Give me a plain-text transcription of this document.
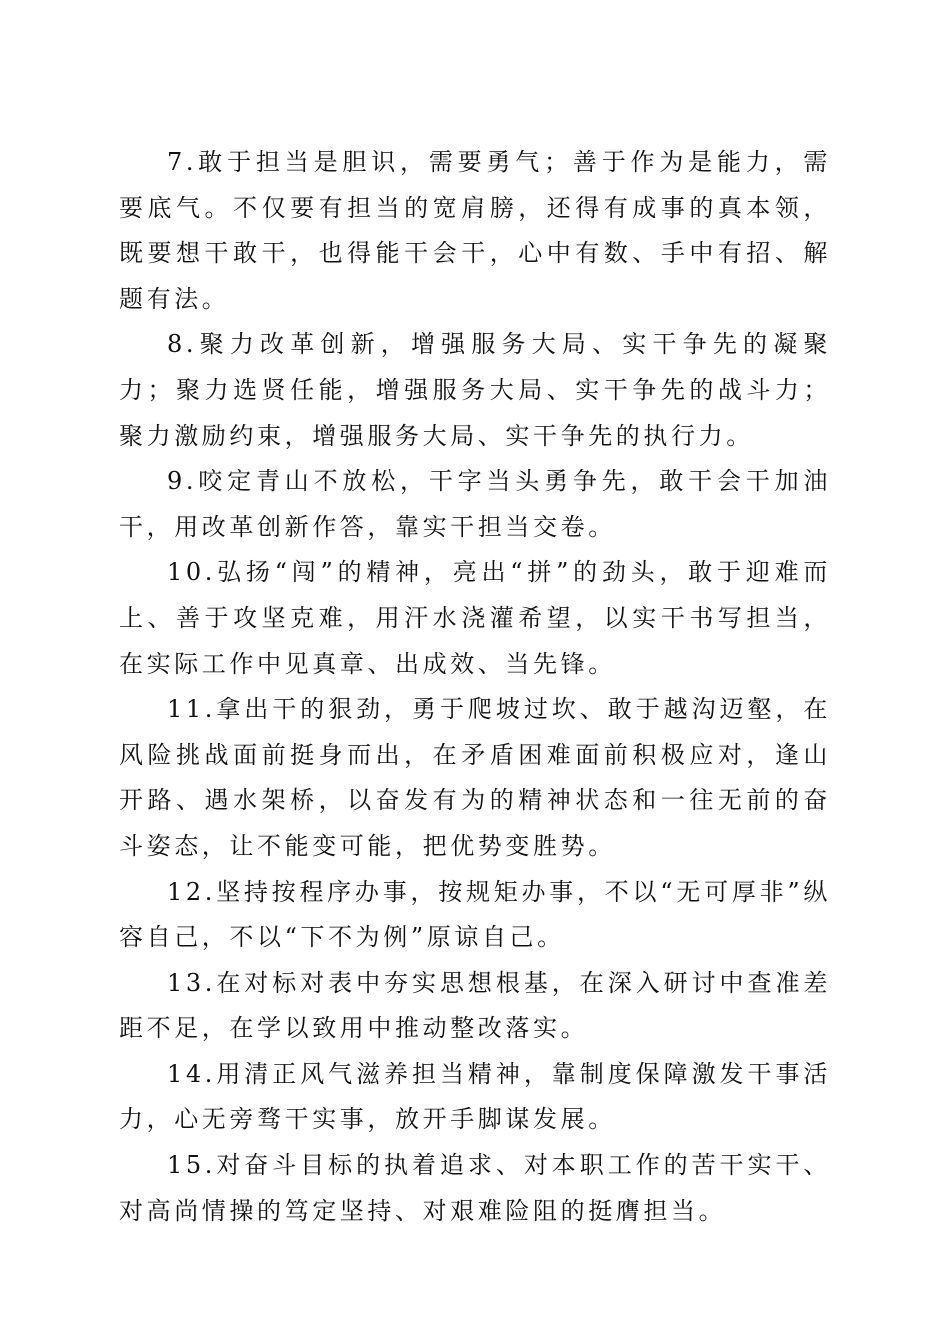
7.敢于担当是胆识，需要勇气；善于作为是能力，需要底气。不仅要有担当的宽肩膀，还得有成事的真本领，既要想干敢干，也得能干会干，心中有数、手中有招、解题有法。

8.聚力改革创新，增强服务大局、实干争先的凝聚力；聚力选贤任能，增强服务大局、实干争先的战斗力；聚力激励约束，增强服务大局、实干争先的执行力。

9.咬定青山不放松，干字当头勇争先，敢干会干加油干，用改革创新作答，靠实干担当交卷。

10.弘扬“闯”的精神，亮出“拼”的劲头，敢于迎难而上、善于攻坚克难，用汗水浇灌希望，以实干书写担当，在实际工作中见真章、出成效、当先锋。

11.拿出干的狠劲，勇于爬坡过坎、敢于越沟迈壑，在风险挑战面前挺身而出，在矛盾困难面前积极应对，逢山开路、遇水架桥，以奋发有为的精神状态和一往无前的奋斗姿态，让不能变可能，把优势变胜势。

12.坚持按程序办事，按规矩办事，不以“无可厚非”纵容自己，不以“下不为例”原谅自己。

13.在对标对表中夯实思想根基，在深入研讨中查准差距不足，在学以致用中推动整改落实。

14.用清正风气滋养担当精神，靠制度保障激发干事活力，心无旁骛干实事，放开手脚谋发展。

15.对奋斗目标的执着追求、对本职工作的苦干实干、对高尚情操的笃定坚持、对艰难险阻的挺膺担当。
